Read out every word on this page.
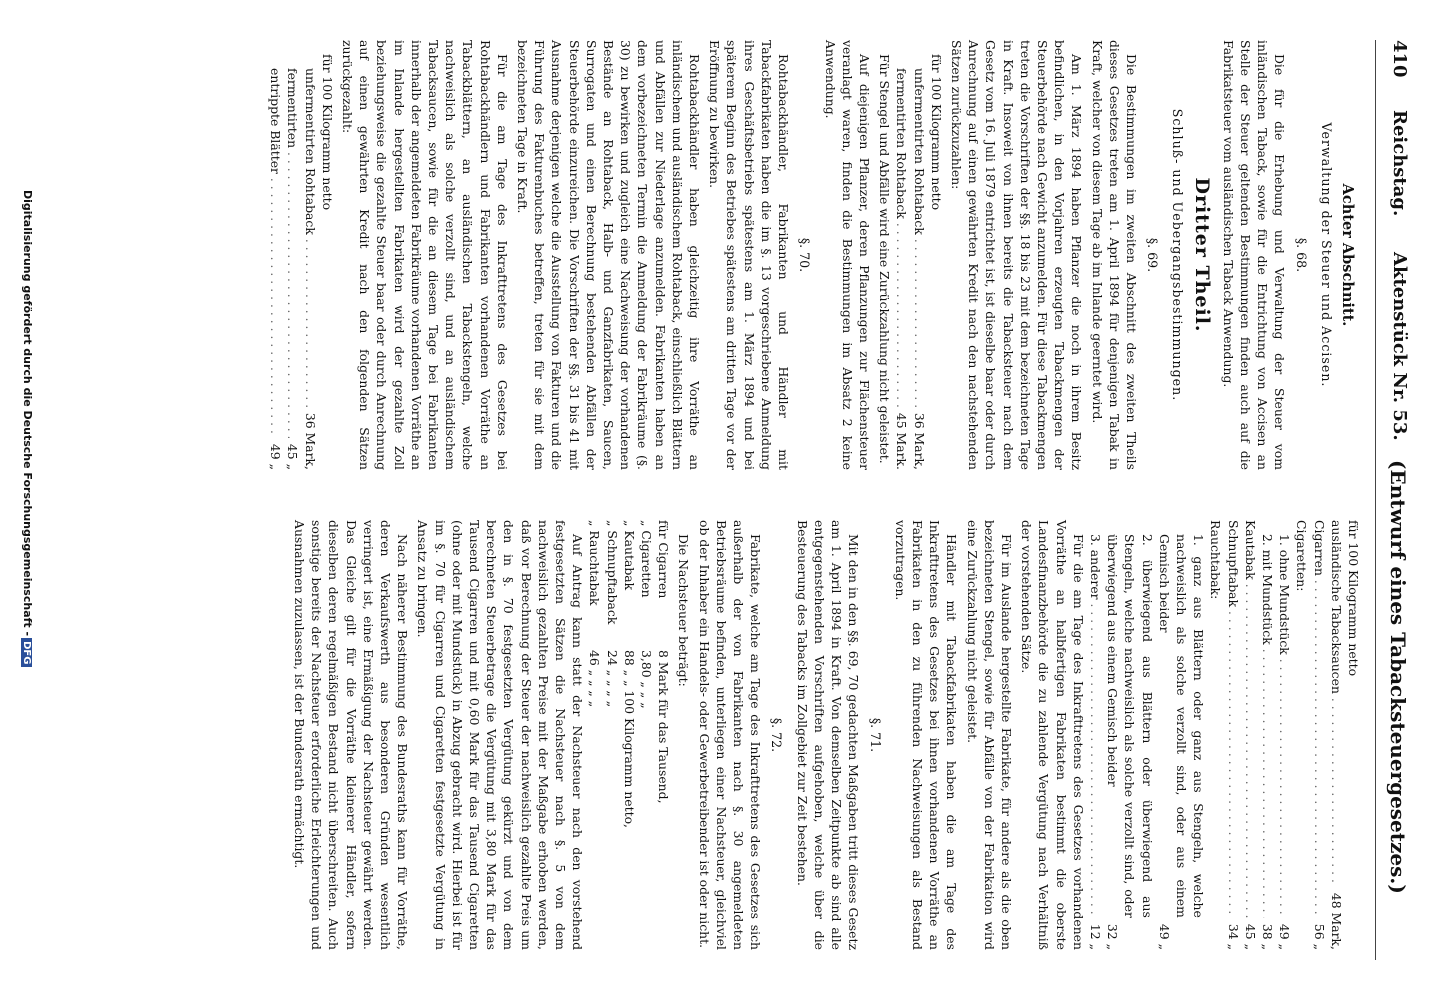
410
Reichstag.
Aktenstück Nr. 53.
(Entwurf eines Tabacksteuergesetzes.)
Achter Abschnitt.
Verwaltung der Steuer und Accisen.
§. 68.

Die für die Erhebung und Verwaltung der Steuer vom inländischen Taback, sowie für die Entrichtung von Accisen an Stelle der Steuer geltenden Bestimmungen finden auch auf die Fabrikatsteuer vom ausländischen Taback Anwendung.

Dritter Theil.
Schluß- und Uebergangsbestimmungen.
§. 69.

Die Bestimmungen im zweiten Abschnitt des zweiten Theils dieses Gesetzes treten am 1. April 1894 für denjenigen Tabak in Kraft, welcher von diesem Tage ab im Inlande geerntet wird.

Am 1. März 1894 haben Pflanzer die noch in ihrem Besitz befindlichen, in den Vorjahren erzeugten Tabackmengen der Steuerbehörde nach Gewicht anzumelden. Für diese Tabackmengen treten die Vorschriften der §§. 18 bis 23 mit dem bezeichneten Tage in Kraft. Insoweit von ihnen bereits die Tabacksteuer nach dem Gesetz vom 16. Juli 1879 entrichtet ist, ist dieselbe baar oder durch Anrechnung auf einen gewährten Kredit nach den nachstehenden Sätzen zurückzuzahlen:

für 100 Kilogramm netto
unfermentirten Rohtaback . . .
36 Mark,
fermentirten Rohtaback . . .
45 Mark.

Für Stengel und Abfälle wird eine Zurückzahlung nicht geleistet.

Auf diejenigen Pflanzer, deren Pflanzungen zur Flächensteuer veranlagt waren, finden die Bestimmungen im Absatz 2 keine Anwendung.

§. 70.

Rohtabackhändler, Fabrikanten und Händler mit Tabackfabrikaten haben die im §. 13 vorgeschriebene Anmeldung ihres Geschäftsbetriebs spätestens am 1. März 1894 und bei späterem Beginn des Betriebes spätestens am dritten Tage vor der Eröffnung zu bewirken.

Rohtabackhändler haben gleichzeitig ihre Vorräthe an inländischem und ausländischem Rohtaback, einschließlich Blättern und Abfällen zur Niederlage anzumelden. Fabrikanten haben an dem vorbezeichneten Termin die Anmeldung der Fabrikräume (§. 30) zu bewirken und zugleich eine Nachweisung der vorhandenen Bestände an Rohtaback, Halb- und Ganzfabrikaten, Saucen, Surrogaten und einen Berechnung bestehenden Abfällen der Steuerbehörde einzureichen. Die Vorschriften der §§. 31 bis 41 mit Ausnahme derjenigen welche die Ausstellung von Fakturen und die Führung des Fakturenbuches betreffen, treten für sie mit dem bezeichneten Tage in Kraft.

Für die am Tage des Inkrafttretens des Gesetzes bei Rohtabackhändlern und Fabrikanten vorhandenen Vorräthe an Tabackblättern, an ausländischen Tabackstengeln, welche nachweislich als solche verzollt sind, und an ausländischem Tabacksaucen, sowie für die an diesem Tage bei Fabrikanten innerhalb der angemeldeten Fabrikräume vorhandenen Vorräthe an im Inlande hergestellten Fabrikaten wird der gezahlte Zoll beziehungsweise die gezahlte Steuer baar oder durch Anrechnung auf einen gewährten Kredit nach den folgenden Sätzen zurückgezahlt:

für 100 Kilogramm netto
unfermentirten Rohtaback . . .
36 Mark,
fermentirten . . .
45 „
entrippte Blätter . . .
49 „
für 100 Kilogramm netto
ausländische Tabacksaucen . . .
48 Mark,
Cigarren . . .
56 „
Cigaretten:
1. ohne Mundstück . . .
49 „
2. mit Mundstück . . .
38 „
Kautabak . . .
45 „
Schnupftabak . . .
34 „
Rauchtabak:
1. ganz aus Blättern oder ganz aus Stengeln, welche nachweislich als solche verzollt sind, oder aus einem Gemisch beider
49 „
2. überwiegend aus Blättern oder überwiegend aus Stengeln, welche nachweislich als solche verzollt sind, oder überwiegend aus einem Gemisch beider
32 „
3. anderer . . .
12 „

Für die am Tage des Inkrafttretens des Gesetzes vorhandenen Vorräthe an halbfertigen Fabrikaten bestimmt die oberste Landesfinanzbehörde die zu zahlende Vergütung nach Verhältniß der vorstehenden Sätze.

Für im Auslande hergestellte Fabrikate, für andere als die oben bezeichneten Stengel, sowie für Abfälle von der Fabrikation wird eine Zurückzahlung nicht geleistet.

Händler mit Tabackfabrikaten haben die am Tage des Inkrafttretens des Gesetzes bei ihnen vorhandenen Vorräthe an Fabrikaten in den zu führenden Nachweisungen als Bestand vorzutragen.

§. 71.

Mit den in den §§. 69, 70 gedachten Maßgaben tritt dieses Gesetz am 1. April 1894 in Kraft. Von demselben Zeitpunkte ab sind alle entgegenstehenden Vorschriften aufgehoben, welche über die Besteuerung des Tabacks im Zollgebiet zur Zeit bestehen.

§. 72.

Fabrikate, welche am Tage des Inkrafttretens des Gesetzes sich außerhalb der von Fabrikanten nach §. 30 angemeldeten Betriebsräume befinden, unterliegen einer Nachsteuer, gleichviel ob der Inhaber ein Handels- oder Gewerbetreibender ist oder nicht.

Die Nachsteuer beträgt:

für Cigarren
8 Mark für das Tausend,
„ Cigaretten
3,80 „ „ „
„ Kautabak
88 „ „ 100 Kilogramm netto,
„ Schnupftaback
24 „ „ „ „
„ Rauchtabak
46 „ „ „ „

Auf Antrag kann statt der Nachsteuer nach den vorstehend festgesetzten Sätzen die Nachsteuer nach §. 5 von dem nachweislich gezahlten Preise mit der Maßgabe erhoben werden, daß vor Berechnung der Steuer der nachweislich gezahlte Preis um den in §. 70 festgesetzten Vergütung gekürzt und von dem berechneten Steuerbetrage die Vergütung mit 3,80 Mark für das Tausend Cigarren und mit 0,60 Mark für das Tausend Cigaretten (ohne oder mit Mundstück) in Abzug gebracht wird. Hierbei ist für im §. 70 für Cigarren und Cigaretten festgesetzte Vergütung in Ansatz zu bringen.

Nach näherer Bestimmung des Bundesraths kann für Vorräthe, deren Verkaufswerth aus besonderen Gründen wesentlich verringert ist, eine Ermäßigung der Nachsteuer gewährt werden. Das Gleiche gilt für die Vorräthe kleinerer Händler, sofern dieselben deren regelmäßigen Bestand nicht überschreiten. Auch sonstige bereits der Nachsteuer erforderliche Erleichterungen und Ausnahmen zuzulassen, ist der Bundesrath ermächtigt.

Digitalisierung gefördert durch die Deutsche Forschungsgemeinschaft -DFG
